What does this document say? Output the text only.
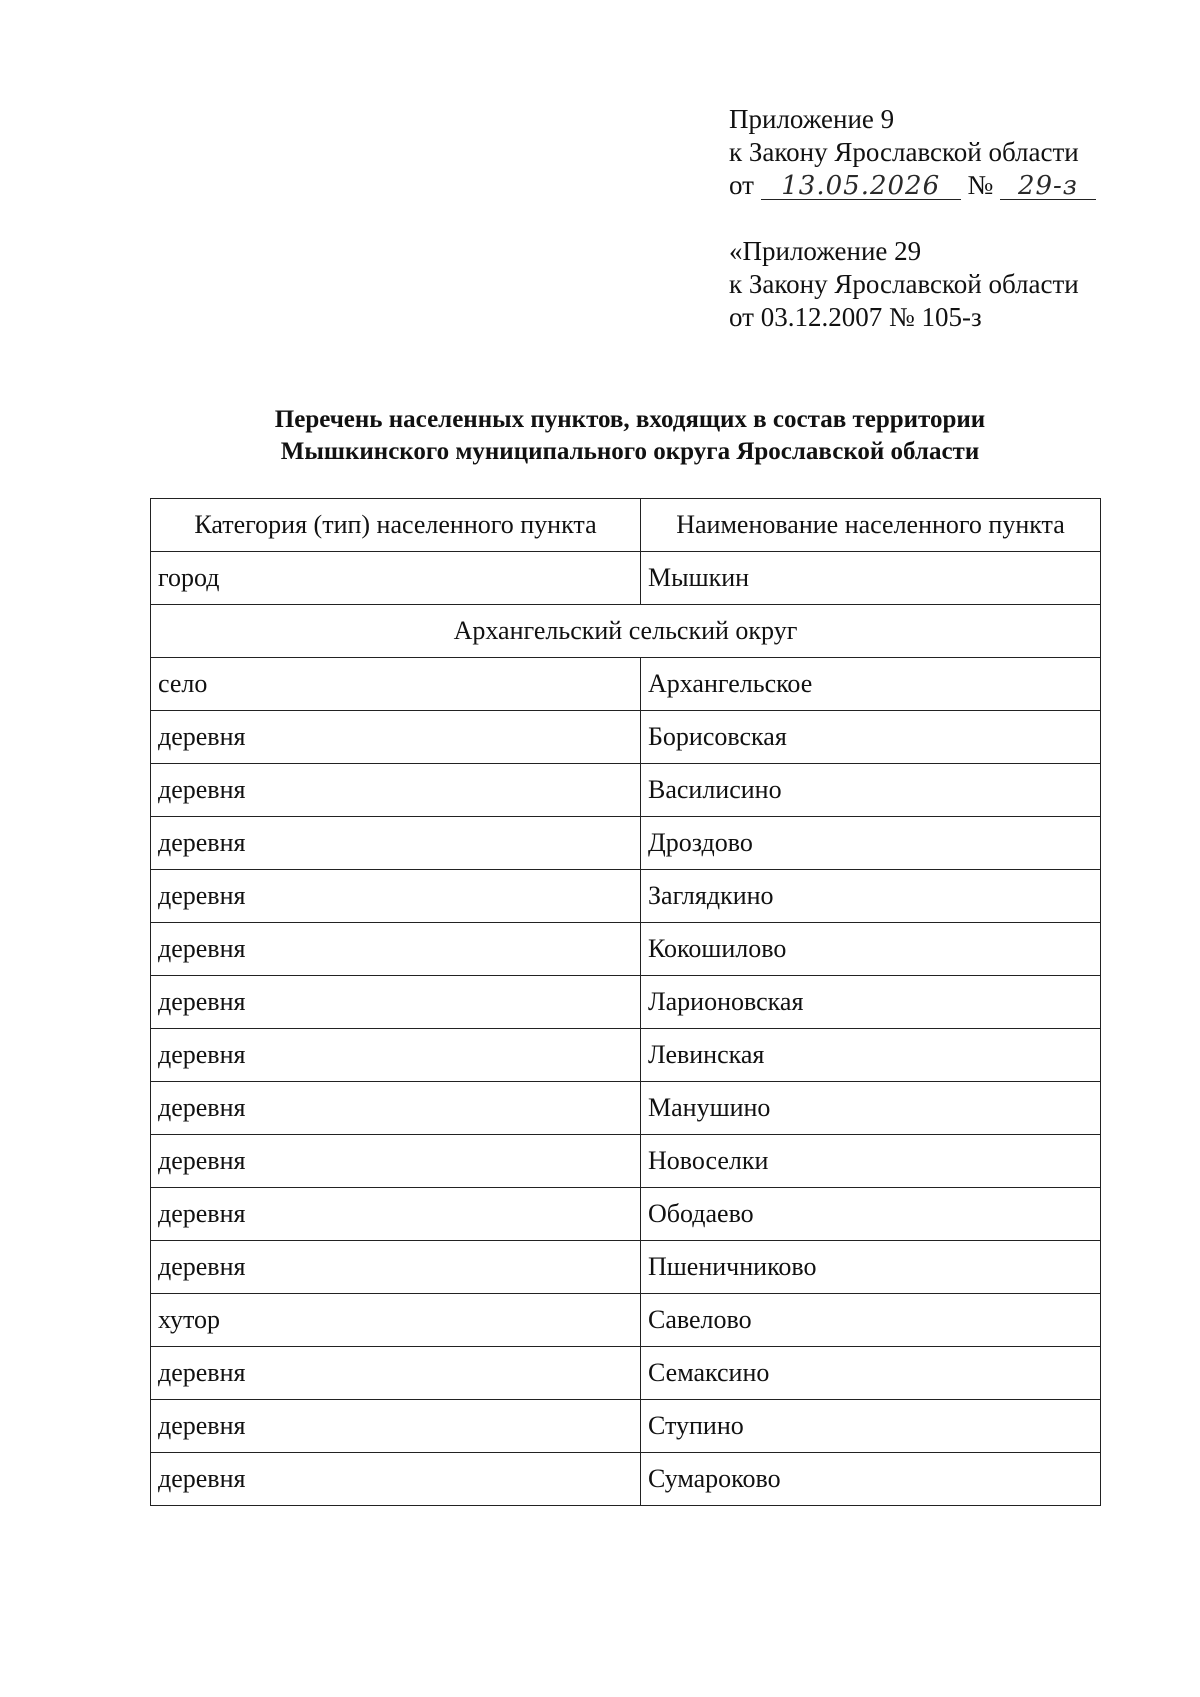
Приложение 9
к Закону Ярославской области
от 13.05.2026 № 29-з
«Приложение 29
к Закону Ярославской области
от 03.12.2007 № 105-з
Перечень населенных пунктов, входящих в состав территории
Мышкинского муниципального округа Ярославской области
Категория (тип) населенного пункта	Наименование населенного пункта
город	Мышкин
Архангельский сельский округ	
село	Архангельское
деревня	Борисовская
деревня	Василисино
деревня	Дроздово
деревня	Заглядкино
деревня	Кокошилово
деревня	Ларионовская
деревня	Левинская
деревня	Манушино
деревня	Новоселки
деревня	Ободаево
деревня	Пшеничниково
хутор	Савелово
деревня	Семаксино
деревня	Ступино
деревня	Сумароково
